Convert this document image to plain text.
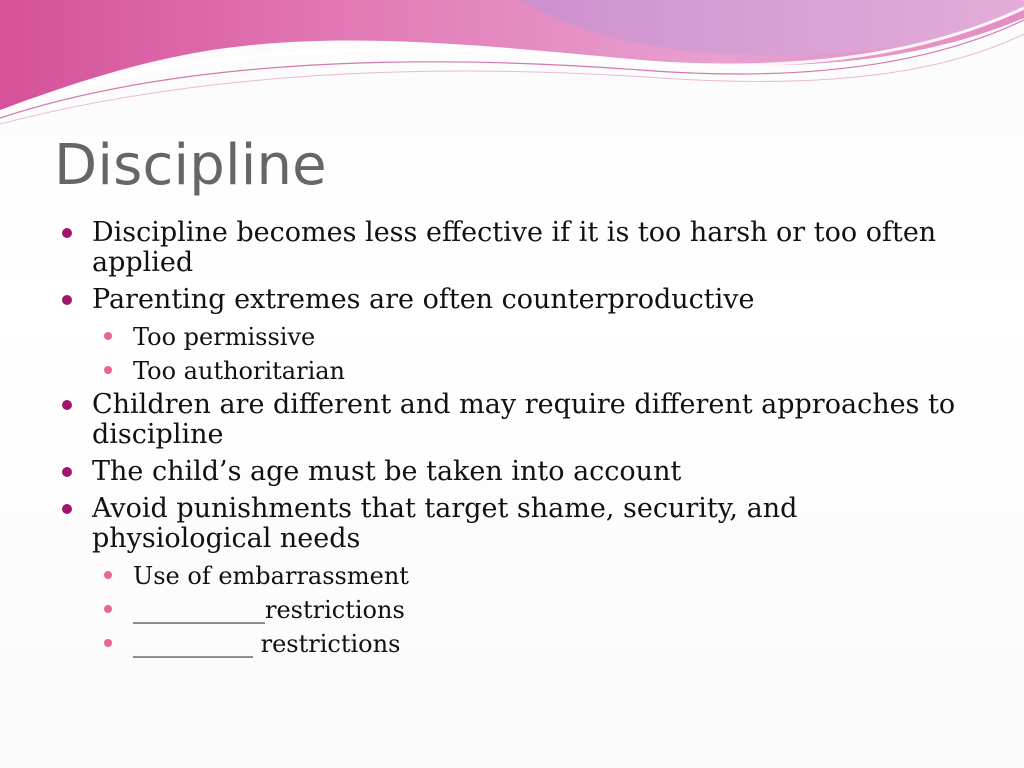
Discipline
Discipline becomes less effective if it is too harsh or too often applied
Parenting extremes are often counterproductive
Too permissive
Too authoritarian
Children are different and may require different approaches to discipline
The child’s age must be taken into account
Avoid punishments that target shame, security, and physiological needs
Use of embarrassment
___________restrictions
__________ restrictions
